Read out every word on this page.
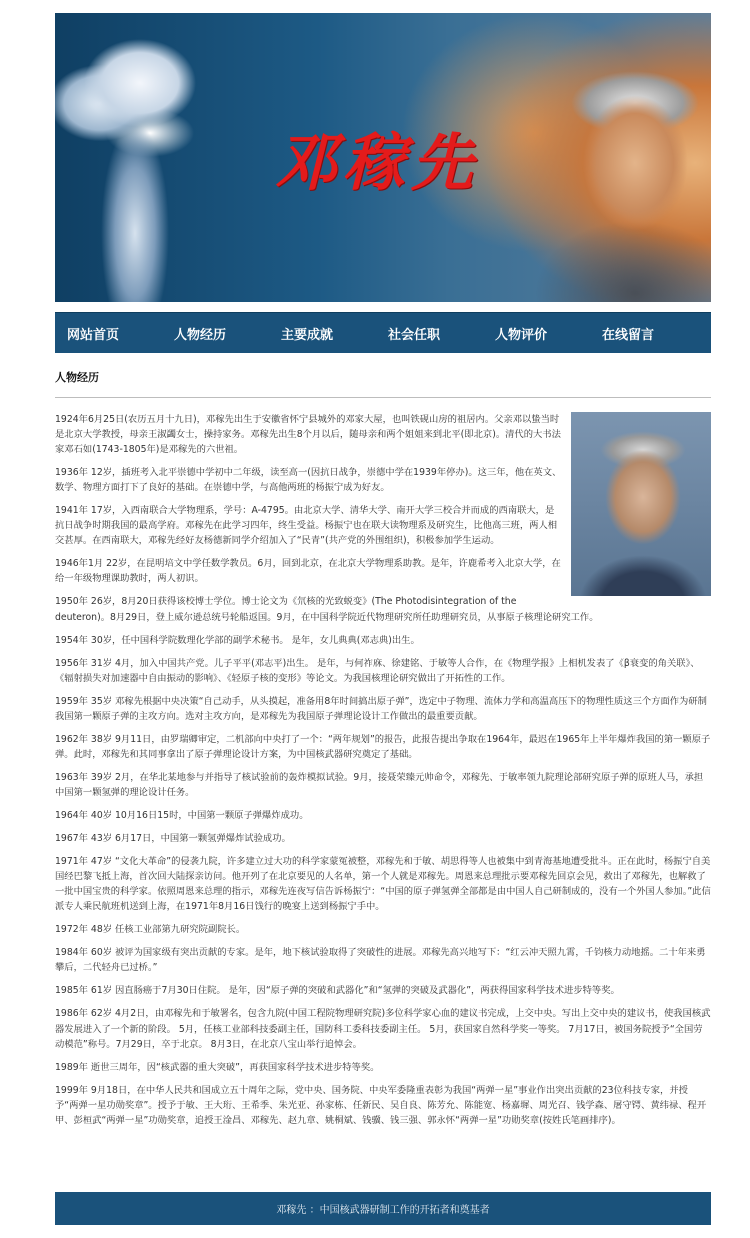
邓稼先
网站首页	人物经历	主要成就	社会任职	人物评价	在线留言
人物经历

1924年6月25日(农历五月十九日)，邓稼先出生于安徽省怀宁县城外的邓家大屋，也叫铁砚山房的祖居内。父亲邓以蛰当时是北京大学教授，母亲王淑蠲女士，操持家务。邓稼先出生8个月以后，随母亲和两个姐姐来到北平(即北京)。清代的大书法家邓石如(1743-1805年)是邓稼先的六世祖。

1936年 12岁，插班考入北平崇德中学初中二年级，读至高一(因抗日战争，崇德中学在1939年停办)。这三年，他在英文、数学、物理方面打下了良好的基础。在崇德中学，与高他两班的杨振宁成为好友。

1941年 17岁，入西南联合大学物理系，学号：A-4795。由北京大学、清华大学、南开大学三校合并而成的西南联大，是抗日战争时期我国的最高学府。邓稼先在此学习四年，终生受益。杨振宁也在联大读物理系及研究生，比他高三班，两人相交甚厚。在西南联大，邓稼先经好友杨德新同学介绍加入了“民青”(共产党的外围组织)，积极参加学生运动。

1946年1月 22岁，在昆明培文中学任数学教员。6月，回到北京，在北京大学物理系助教。是年，许鹿希考入北京大学，在给一年级物理课助教时，两人初识。

1950年 26岁，8月20日获得该校博士学位。博士论文为《氘核的光致蜕变》(The Photodisintegration of the deuteron)。8月29日，登上威尔逊总统号轮船返国。9月，在中国科学院近代物理研究所任助理研究员，从事原子核理论研究工作。

1954年 30岁，任中国科学院数理化学部的副学术秘书。 是年，女儿典典(邓志典)出生。

1956年 31岁 4月，加入中国共产党。儿子平平(邓志平)出生。 是年，与何祚庥、徐建铭、于敏等人合作，在《物理学报》上相机发表了《β衰变的角关联》、《辐射损失对加速器中自由振动的影响》、《轻原子核的变形》等论文。为我国核理论研究做出了开拓性的工作。

1959年 35岁 邓稼先根据中央决策“自己动手，从头摸起，准备用8年时间搞出原子弹”，选定中子物理、流体力学和高温高压下的物理性质这三个方面作为研制我国第一颗原子弹的主攻方向。选对主攻方向，是邓稼先为我国原子弹理论设计工作做出的最重要贡献。

1962年 38岁 9月11日，由罗瑞卿审定，二机部向中央打了一个：“两年规划”的报告，此报告提出争取在1964年，最迟在1965年上半年爆炸我国的第一颗原子弹。此时，邓稼先和其同事拿出了原子弹理论设计方案，为中国核武器研究奠定了基础。

1963年 39岁 2月，在华北某地参与并指导了核试验前的轰炸模拟试验。9月，接聂荣臻元帅命令，邓稼先、于敏率领九院理论部研究原子弹的原班人马，承担中国第一颗氢弹的理论设计任务。

1964年 40岁 10月16日15时，中国第一颗原子弹爆炸成功。

1967年 43岁 6月17日，中国第一颗氢弹爆炸试验成功。

1971年 47岁 “文化大革命”的侵袭九院，许多建立过大功的科学家蒙冤被整，邓稼先和于敏、胡思得等人也被集中到青海基地遭受批斗。正在此时，杨振宁自美国经巴黎飞抵上海，首次回大陆探亲访问。他开列了在北京要见的人名单，第一个人就是邓稼先。周恩来总理批示要邓稼先回京会见，救出了邓稼先，也解救了一批中国宝贵的科学家。依照周恩来总理的指示，邓稼先连夜写信告诉杨振宁：“中国的原子弹氢弹全部都是由中国人自己研制成的，没有一个外国人参加。”此信派专人乘民航班机送到上海，在1971年8月16日饯行的晚宴上送到杨振宁手中。

1972年 48岁 任核工业部第九研究院副院长。

1984年 60岁 被评为国家级有突出贡献的专家。是年，地下核试验取得了突破性的进展。邓稼先高兴地写下：“红云冲天照九霄，千钧核力动地摇。二十年来勇攀后，二代轻舟已过桥。”

1985年 61岁 因直肠癌于7月30日住院。 是年，因“原子弹的突破和武器化”和“氢弹的突破及武器化”，两获得国家科学技术进步特等奖。

1986年 62岁 4月2日，由邓稼先和于敏署名，包含九院(中国工程院物理研究院)多位科学家心血的建议书完成，上交中央。写出上交中央的建议书，使我国核武器发展进入了一个新的阶段。 5月，任核工业部科技委副主任，国防科工委科技委副主任。 5月，获国家自然科学奖一等奖。 7月17日，被国务院授予“全国劳动模范”称号。7月29日，卒于北京。 8月3日，在北京八宝山举行追悼会。

1989年 逝世三周年，因“核武器的重大突破”，再获国家科学技术进步特等奖。

1999年 9月18日，在中华人民共和国成立五十周年之际，党中央、国务院、中央军委隆重表彰为我国“两弹一星”事业作出突出贡献的23位科技专家，并授予“两弹一星功勋奖章”。授予于敏、王大珩、王希季、朱光亚、孙家栋、任新民、吴自良、陈芳允、陈能宽、杨嘉墀、周光召、钱学森、屠守锷、黄纬禄、程开甲、彭桓武“两弹一星”功勋奖章，追授王淦昌、邓稼先、赵九章、姚桐斌、钱骥、钱三强、郭永怀“两弹一星”功勋奖章(按姓氏笔画排序)。

邓稼先 ：中国核武器研制工作的开拓者和奠基者
